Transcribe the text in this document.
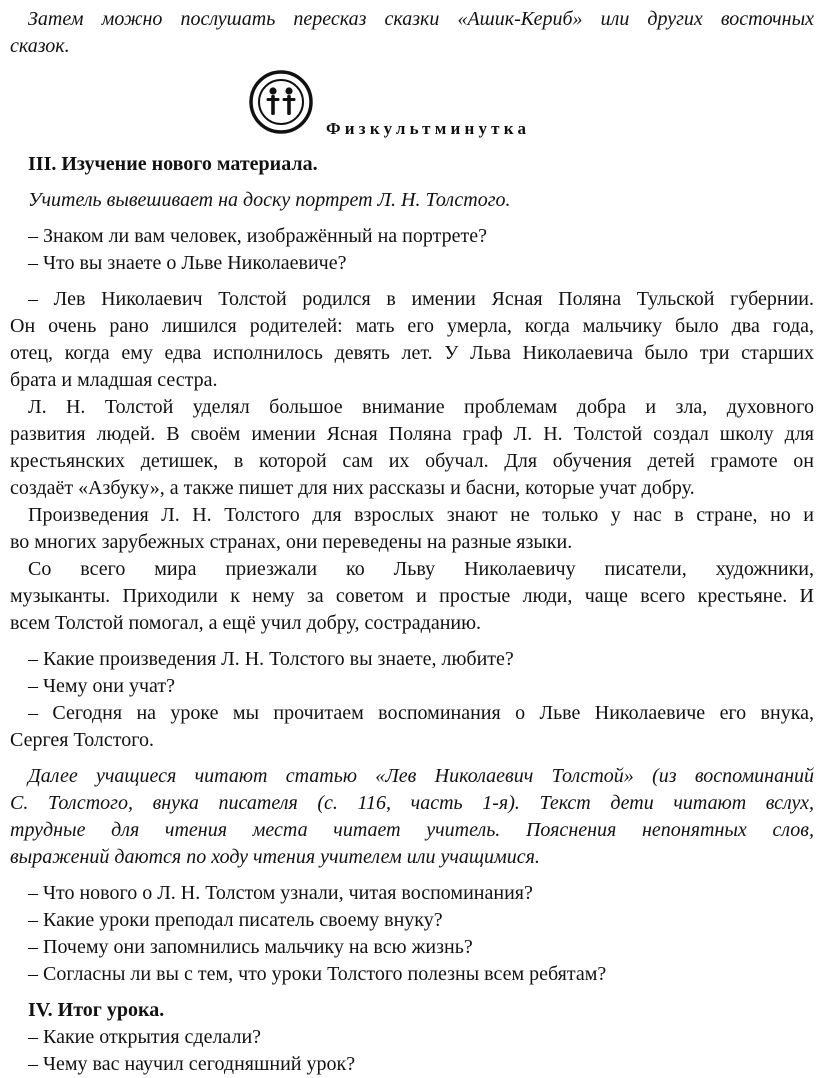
Затем можно послушать пересказ сказки «Ашик-Кериб» или других восточных

сказок.

Физкультминутка

III. Изучение нового материала.

Учитель вывешивает на доску портрет Л. Н. Толстого.

– Знаком ли вам человек, изображённый на портрете?

– Что вы знаете о Льве Николаевиче?

– Лев Николаевич Толстой родился в имении Ясная Поляна Тульской губернии.

Он очень рано лишился родителей: мать его умерла, когда мальчику было два года,

отец, когда ему едва исполнилось девять лет. У Льва Николаевича было три старших

брата и младшая сестра.

Л. Н. Толстой уделял большое внимание проблемам добра и зла, духовного

развития людей. В своём имении Ясная Поляна граф Л. Н. Толстой создал школу для

крестьянских детишек, в которой сам их обучал. Для обучения детей грамоте он

создаёт «Азбуку», а также пишет для них рассказы и басни, которые учат добру.

Произведения Л. Н. Толстого для взрослых знают не только у нас в стране, но и

во многих зарубежных странах, они переведены на разные языки.

Со всего мира приезжали ко Льву Николаевичу писатели, художники,

музыканты. Приходили к нему за советом и простые люди, чаще всего крестьяне. И

всем Толстой помогал, а ещё учил добру, состраданию.

– Какие произведения Л. Н. Толстого вы знаете, любите?

– Чему они учат?

– Сегодня на уроке мы прочитаем воспоминания о Льве Николаевиче его внука,

Сергея Толстого.

Далее учащиеся читают статью «Лев Николаевич Толстой» (из воспоминаний

С. Толстого, внука писателя (с. 116, часть 1-я). Текст дети читают вслух,

трудные для чтения места читает учитель. Пояснения непонятных слов,

выражений даются по ходу чтения учителем или учащимися.

– Что нового о Л. Н. Толстом узнали, читая воспоминания?

– Какие уроки преподал писатель своему внуку?

– Почему они запомнились мальчику на всю жизнь?

– Согласны ли вы с тем, что уроки Толстого полезны всем ребятам?

IV. Итог урока.

– Какие открытия сделали?

– Чему вас научил сегодняшний урок?
